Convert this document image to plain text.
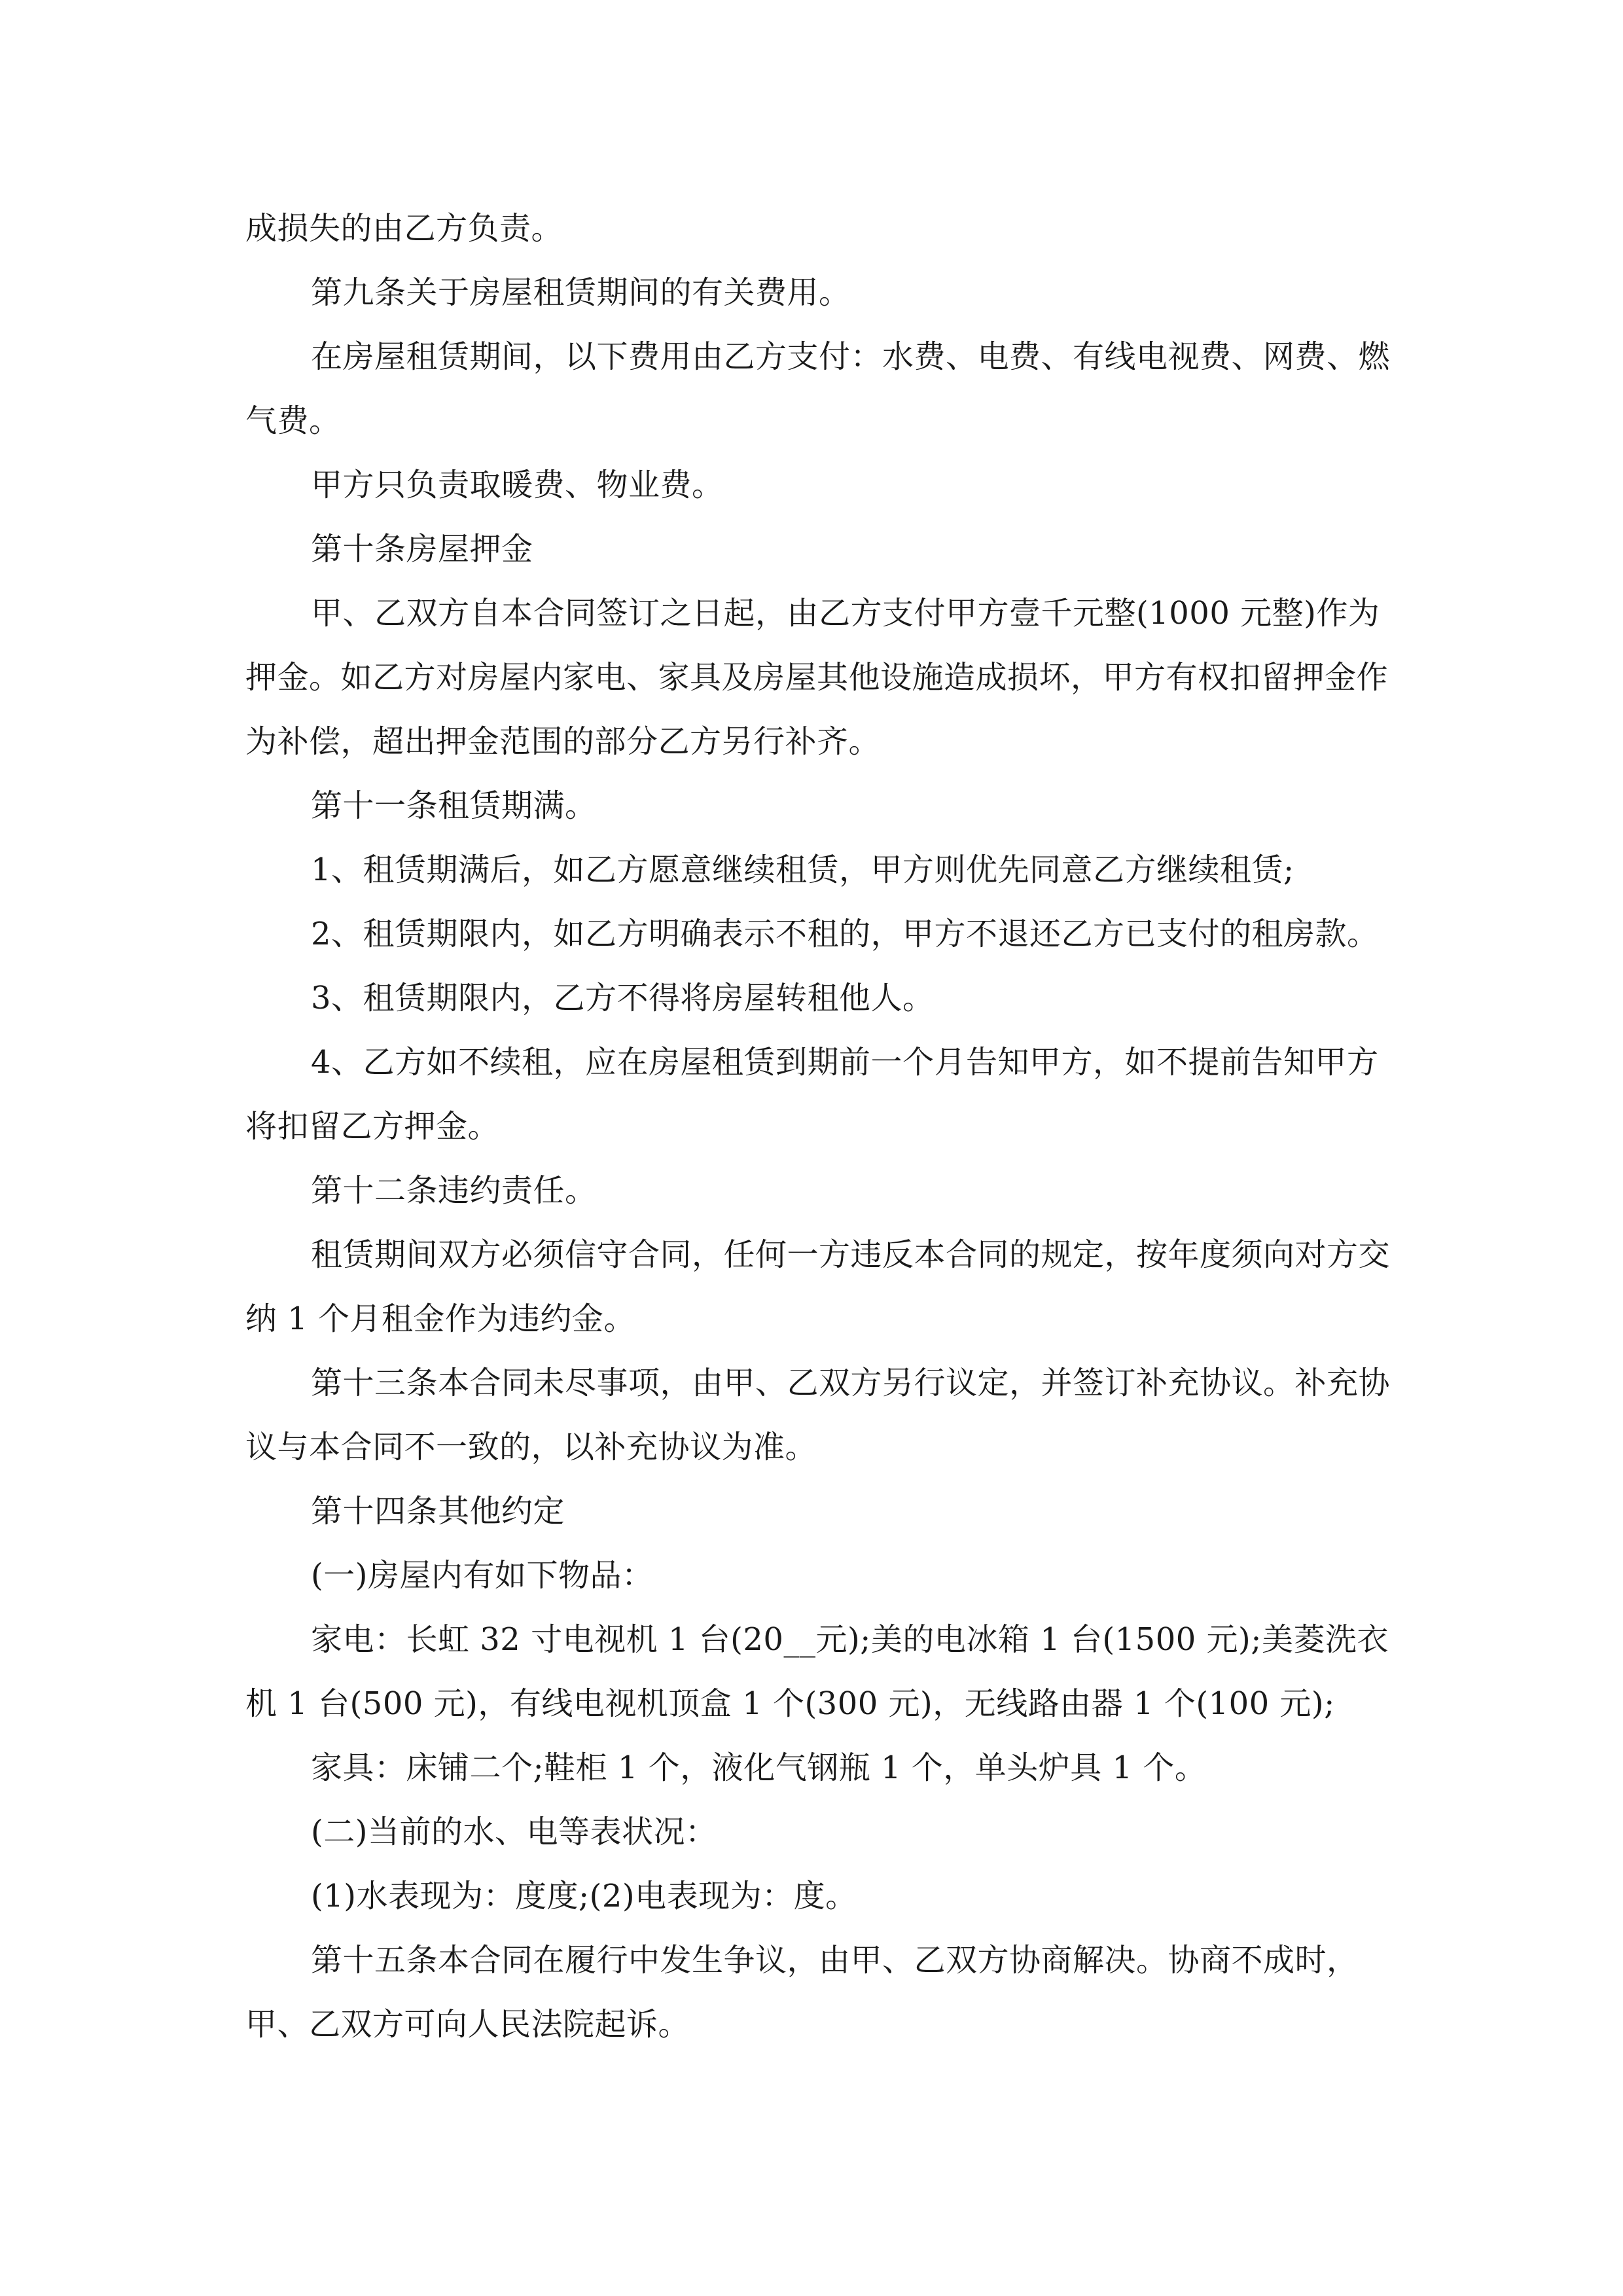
成损失的由乙方负责。

第九条关于房屋租赁期间的有关费用。

在房屋租赁期间，以下费用由乙方支付：水费、电费、有线电视费、网费、燃气费。

甲方只负责取暖费、物业费。

第十条房屋押金

甲、乙双方自本合同签订之日起，由乙方支付甲方壹千元整(1000 元整)作为押金。如乙方对房屋内家电、家具及房屋其他设施造成损坏，甲方有权扣留押金作为补偿，超出押金范围的部分乙方另行补齐。

第十一条租赁期满。

1、租赁期满后，如乙方愿意继续租赁，甲方则优先同意乙方继续租赁;

2、租赁期限内，如乙方明确表示不租的，甲方不退还乙方已支付的租房款。

3、租赁期限内，乙方不得将房屋转租他人。

4、乙方如不续租，应在房屋租赁到期前一个月告知甲方，如不提前告知甲方将扣留乙方押金。

第十二条违约责任。

租赁期间双方必须信守合同，任何一方违反本合同的规定，按年度须向对方交纳 1 个月租金作为违约金。

第十三条本合同未尽事项，由甲、乙双方另行议定，并签订补充协议。补充协议与本合同不一致的，以补充协议为准。

第十四条其他约定

(一)房屋内有如下物品：

家电：长虹 32 寸电视机 1 台(20__元);美的电冰箱 1 台(1500 元);美菱洗衣机 1 台(500 元)，有线电视机顶盒 1 个(300 元)，无线路由器 1 个(100 元);

家具：床铺二个;鞋柜 1 个，液化气钢瓶 1 个，单头炉具 1 个。

(二)当前的水、电等表状况：

(1)水表现为：度度;(2)电表现为：度。

第十五条本合同在履行中发生争议，由甲、乙双方协商解决。协商不成时，甲、乙双方可向人民法院起诉。
